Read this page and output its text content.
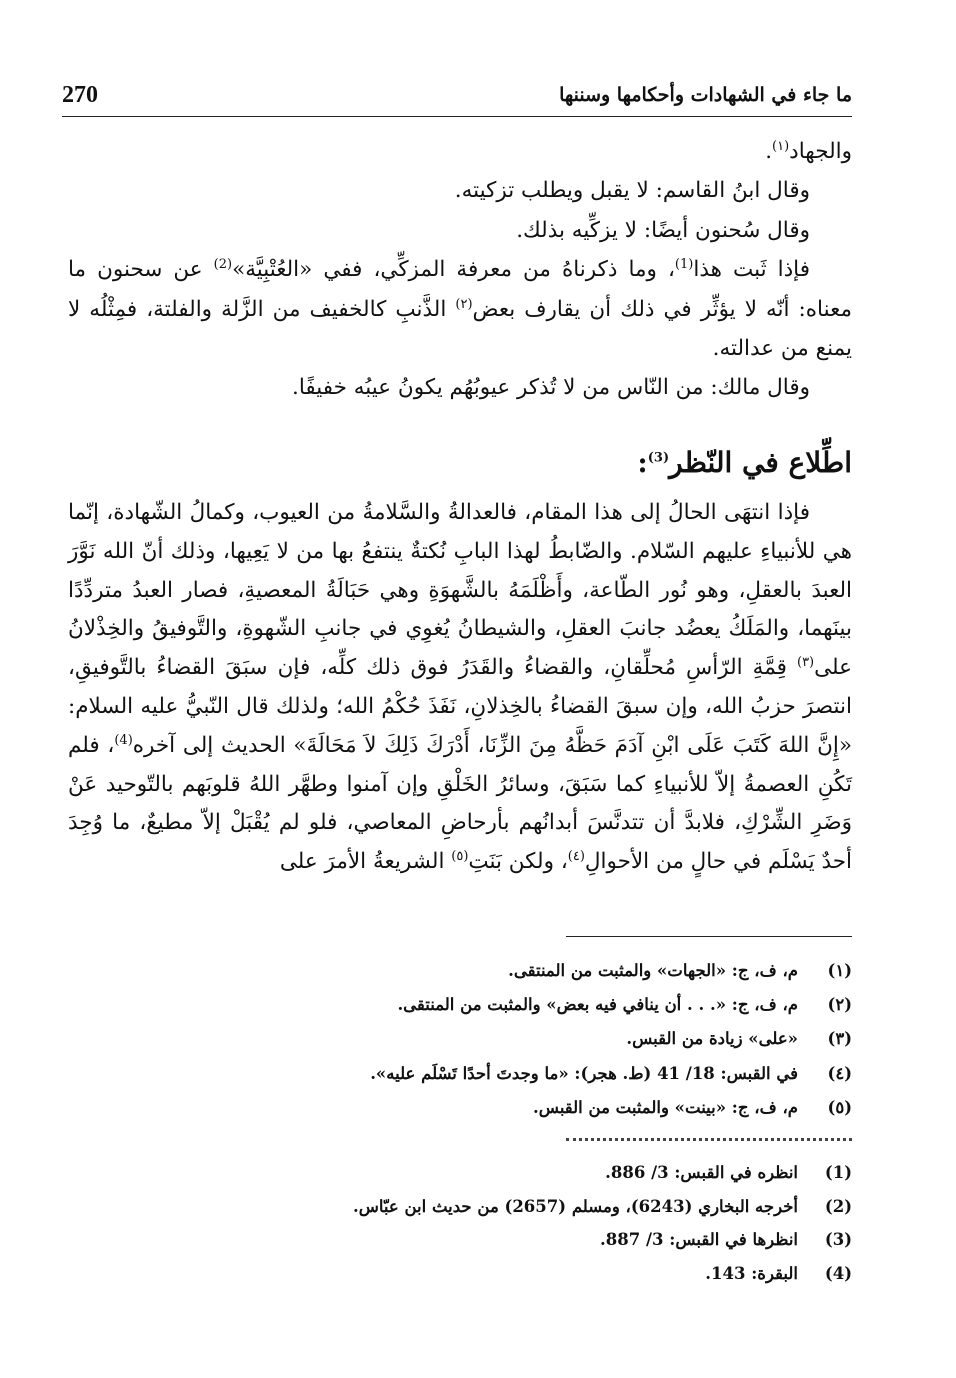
270	ما جاء في الشهادات وأحكامها وسننها

والجهاد$^{(١)}$.

وقال ابنُ القاسم: لا يقبل ويطلب تزكيته.

وقال سُحنون أيضًا: لا يزكِّيه بذلك.

فإذا ثَبت هذا$^{(1)}$، وما ذكرناهُ من معرفة المزكِّي، ففي «العُتْبِيَّة»$^{(2)}$ عن سحنون ما معناه: أنّه لا يؤثِّر في ذلك أن يقارف بعض$^{(٢)}$ الذَّنبِ كالخفيف من الزَّلة والفلتة، فمِثْلُه لا يمنع من عدالته.

وقال مالك: من النّاس من لا تُذكر عيوبُهُم يكونُ عيبُه خفيفًا.

اطِّلاع في النّظر$^{(3)}$:

فإذا انتهَى الحالُ إلى هذا المقام، فالعدالةُ والسَّلامةُ من العيوب، وكمالُ الشّهادة، إنّما هي للأنبياءِ عليهم السّلام. والضّابطُ لهذا البابِ نُكتةٌ ينتفعُ بها من لا يَعِيها، وذلك أنّ الله نَوَّرَ العبدَ بالعقلِ، وهو نُور الطّاعة، وأَظْلَمَهُ بالشَّهوَةِ وهي حَبَالَةُ المعصيةِ، فصار العبدُ متردِّدًا بينَهما، والمَلَكُ يعضُد جانبَ العقلِ، والشيطانُ يُغوِي في جانبِ الشّهوةِ، والتَّوفيقُ والخِذْلانُ على$^{(٣)}$ قِمَّةِ الرّأسِ مُحلِّقانِ، والقضاءُ والقَدَرُ فوق ذلك كلِّه، فإن سبَقَ القضاءُ بالتَّوفيقِ، انتصرَ حزبُ الله، وإن سبقَ القضاءُ بالخِذلانِ، نَفَذَ حُكْمُ الله؛ ولذلك قال النّبيُّ عليه السلام: «إِنَّ اللهَ كَتَبَ عَلَى ابْنِ آدَمَ حَظَّهُ مِنَ الزِّنَا، أَدْرَكَ ذَلِكَ لاَ مَحَالَةَ» الحديث إلى آخره$^{(4)}$، فلم تَكُنِ العصمةُ إلاّ للأنبياءِ كما سَبَقَ، وسائرُ الخَلْقِ وإن آمنوا وطهَّر اللهُ قلوبَهم بالتّوحيد عَنْ وَضَرِ الشِّرْكِ، فلابدَّ أن تتدنَّسَ أبدانُهم بأرحاضِ المعاصي، فلو لم يُقْبَلْ إلاّ مطيعٌ، ما وُجِدَ أحدٌ يَسْلَم في حالٍ من الأحوالِ$^{(٤)}$، ولكن بَنَتِ$^{(٥)}$ الشريعةُ الأمرَ على

(١)
م، ف، ج: «الجهات» والمثبت من المنتقى.
(٢)
م، ف، ج: «. . . أن ينافي فيه بعض» والمثبت من المنتقى.
(٣)
«على» زيادة من القبس.
(٤)
في القبس: 18/ 41 (ط. هجر): «ما وجدتَ أحدًا تَسْلَم عليه».
(٥)
م، ف، ج: «بينت» والمثبت من القبس.
(1)
انظره في القبس: 3/ 886.
(2)
أخرجه البخاري (6243)، ومسلم (2657) من حديث ابن عبّاس.
(3)
انظرها في القبس: 3/ 887.
(4)
البقرة: 143.
